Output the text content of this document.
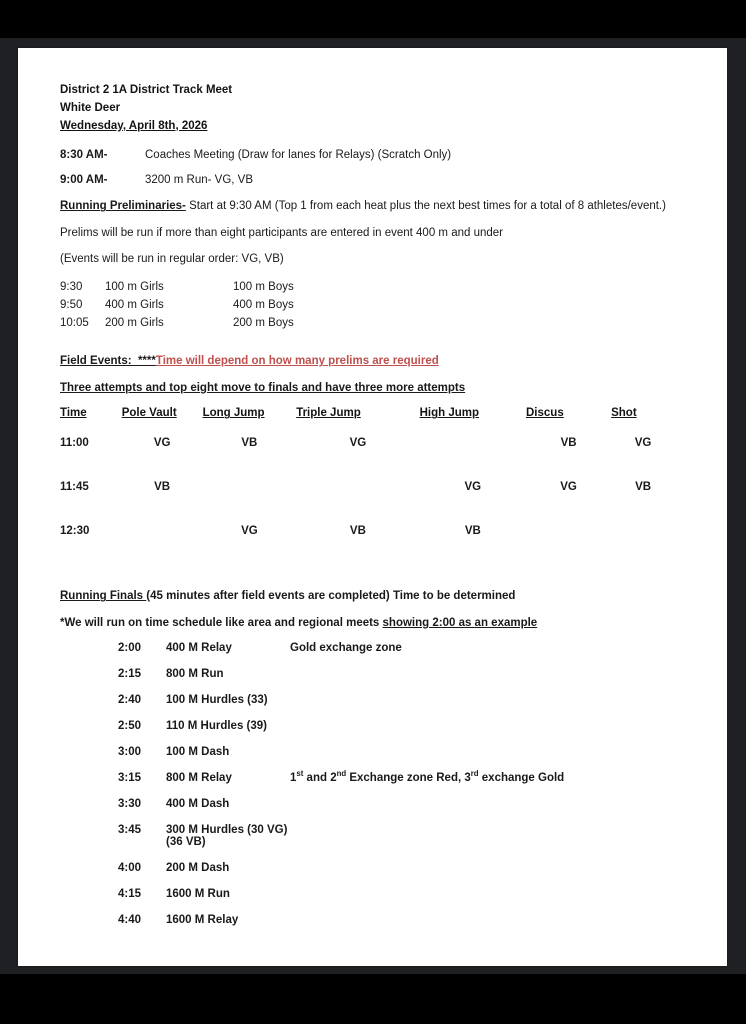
District 2 1A District Track Meet
White Deer
Wednesday, April 8th, 2026
8:30 AM-	Coaches Meeting (Draw for lanes for Relays) (Scratch Only)
9:00 AM-	3200 m Run- VG, VB

Running Preliminaries- Start at 9:30 AM (Top 1 from each heat plus the next best times for a total of 8 athletes/event.)

Prelims will be run if more than eight participants are entered in event 400 m and under

(Events will be run in regular order: VG, VB)

9:30	100 m Girls	100 m Boys
9:50	400 m Girls	400 m Boys
10:05	200 m Girls	200 m Boys

Field Events:  ****Time will depend on how many prelims are required

Three attempts and top eight move to finals and have three more attempts

Time	Pole Vault	Long Jump	Triple Jump	High Jump	Discus	Shot
11:00	VG	VB	VG		VB	VG
11:45	VB			VG	VG	VB
12:30		VG	VB	VB		

Running Finals (45 minutes after field events are completed) Time to be determined

*We will run on time schedule like area and regional meets showing 2:00 as an example

2:00	400 M Relay	Gold exchange zone
2:15	800 M Run
2:40	100 M Hurdles (33)
2:50	110 M Hurdles (39)
3:00	100 M Dash
3:15	800 M Relay	1st and 2nd Exchange zone Red, 3rd exchange Gold
3:30	400 M Dash
3:45	300 M Hurdles (30 VG) (36 VB)
4:00	200 M Dash
4:15	1600 M Run
4:40	1600 M Relay
